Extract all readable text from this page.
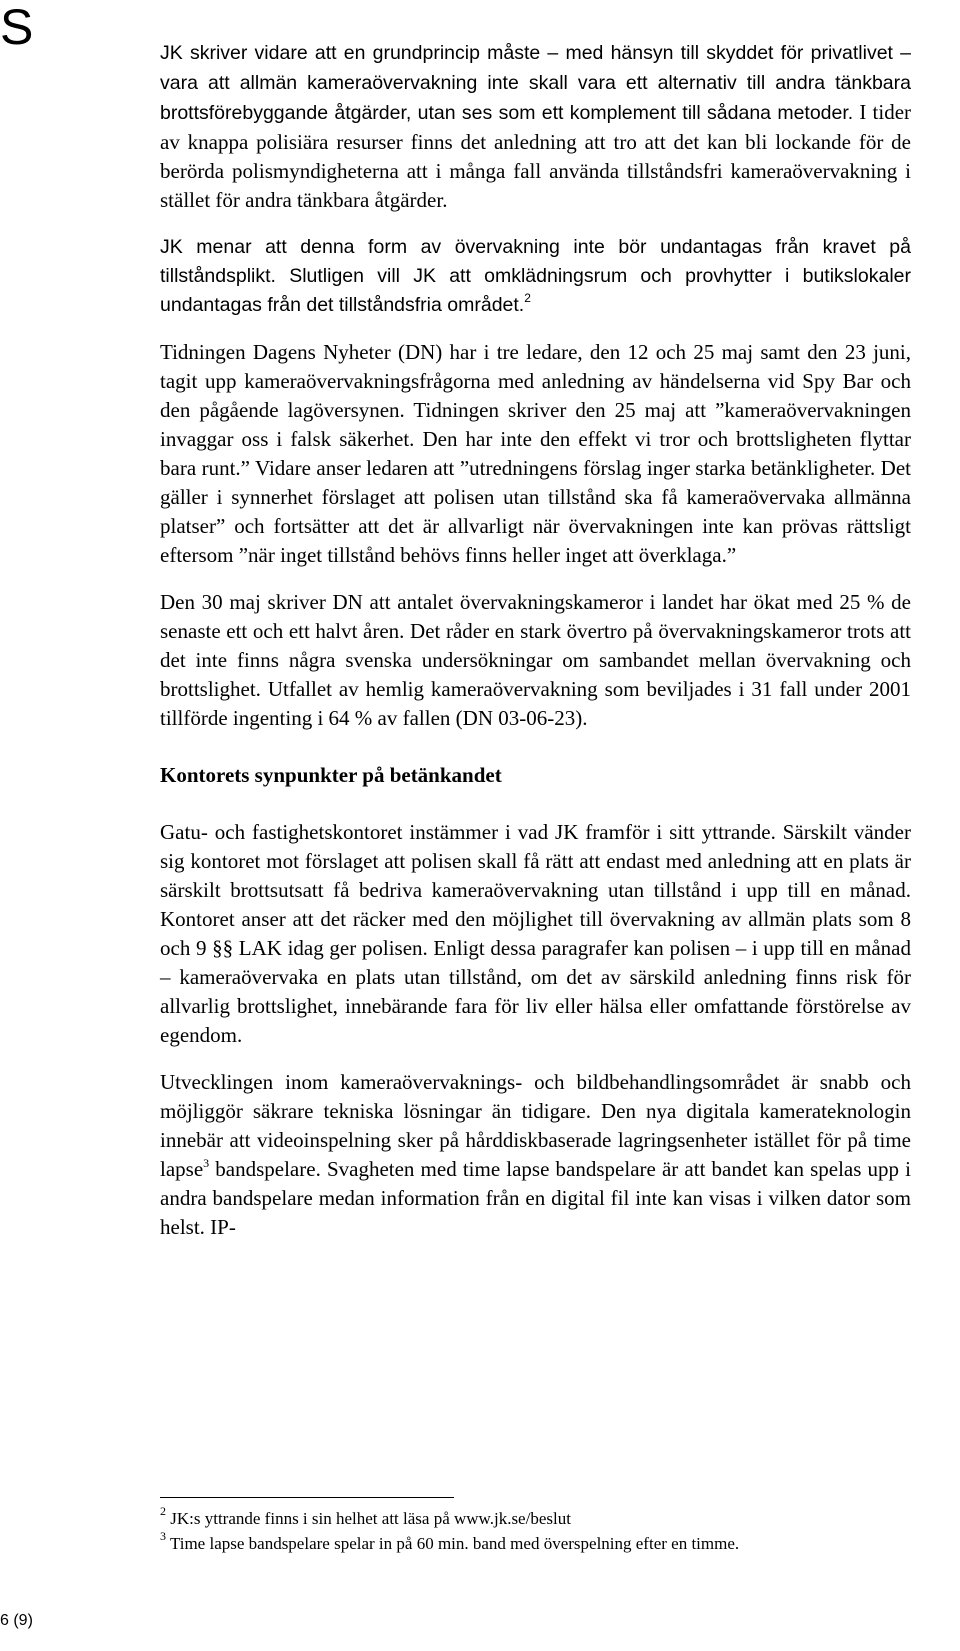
S	JK skriver vidare att en grundprincip måste – med hänsyn till skyddet för privatlivet – vara att allmän kameraövervakning inte skall vara ett alternativ till andra tänkbara brottsförebyggande åtgärder, utan ses som ett komplement till sådana metoder. I tider av knappa polisiära resurser finns det anledning att tro att det kan bli lockande för de berörda polismyndigheterna att i många fall använda tillståndsfri kameraövervakning i stället för andra tänkbara åtgärder.

JK menar att denna form av övervakning inte bör undantagas från kravet på tillståndsplikt. Slutligen vill JK att omklädningsrum och provhytter i butikslokaler undantagas från det tillståndsfria området.$^2$

Tidningen Dagens Nyheter (DN) har i tre ledare, den 12 och 25 maj samt den 23 juni, tagit upp kameraövervakningsfrågorna med anledning av händelserna vid Spy Bar och den pågående lagöversynen. Tidningen skriver den 25 maj att ”kameraövervakningen invaggar oss i falsk säkerhet. Den har inte den effekt vi tror och brottsligheten flyttar bara runt.” Vidare anser ledaren att ”utredningens förslag inger starka betänkligheter. Det gäller i synnerhet förslaget att polisen utan tillstånd ska få kameraövervaka allmänna platser” och fortsätter att det är allvarligt när övervakningen inte kan prövas rättsligt eftersom ”när inget tillstånd behövs finns heller inget att överklaga.”

Den 30 maj skriver DN att antalet övervakningskameror i landet har ökat med 25 % de senaste ett och ett halvt åren. Det råder en stark övertro på övervakningskameror trots att det inte finns några svenska undersökningar om sambandet mellan övervakning och brottslighet. Utfallet av hemlig kameraövervakning som beviljades i 31 fall under 2001 tillförde ingenting i 64 % av fallen (DN 03-06-23).

Kontorets synpunkter på betänkandet

Gatu- och fastighetskontoret instämmer i vad JK framför i sitt yttrande. Särskilt vänder sig kontoret mot förslaget att polisen skall få rätt att endast med anledning att en plats är särskilt brottsutsatt få bedriva kameraövervakning utan tillstånd i upp till en månad. Kontoret anser att det räcker med den möjlighet till övervakning av allmän plats som 8 och 9 §§ LAK idag ger polisen. Enligt dessa paragrafer kan polisen – i upp till en månad – kameraövervaka en plats utan tillstånd, om det av särskild anledning finns risk för allvarlig brottslighet, innebärande fara för liv eller hälsa eller omfattande förstörelse av egendom.

Utvecklingen inom kameraövervaknings- och bildbehandlingsområdet är snabb och möjliggör säkrare tekniska lösningar än tidigare. Den nya digitala kamerateknologin innebär att videoinspelning sker på hårddiskbaserade lagringsenheter istället för på time lapse$^3$ bandspelare. Svagheten med time lapse bandspelare är att bandet kan spelas upp i andra bandspelare medan information från en digital fil inte kan visas i vilken dator som helst. IP-

$^2$ JK:s yttrande finns i sin helhet att läsa på www.jk.se/beslut

$^3$ Time lapse bandspelare spelar in på 60 min. band med överspelning efter en timme.

6 (9)
